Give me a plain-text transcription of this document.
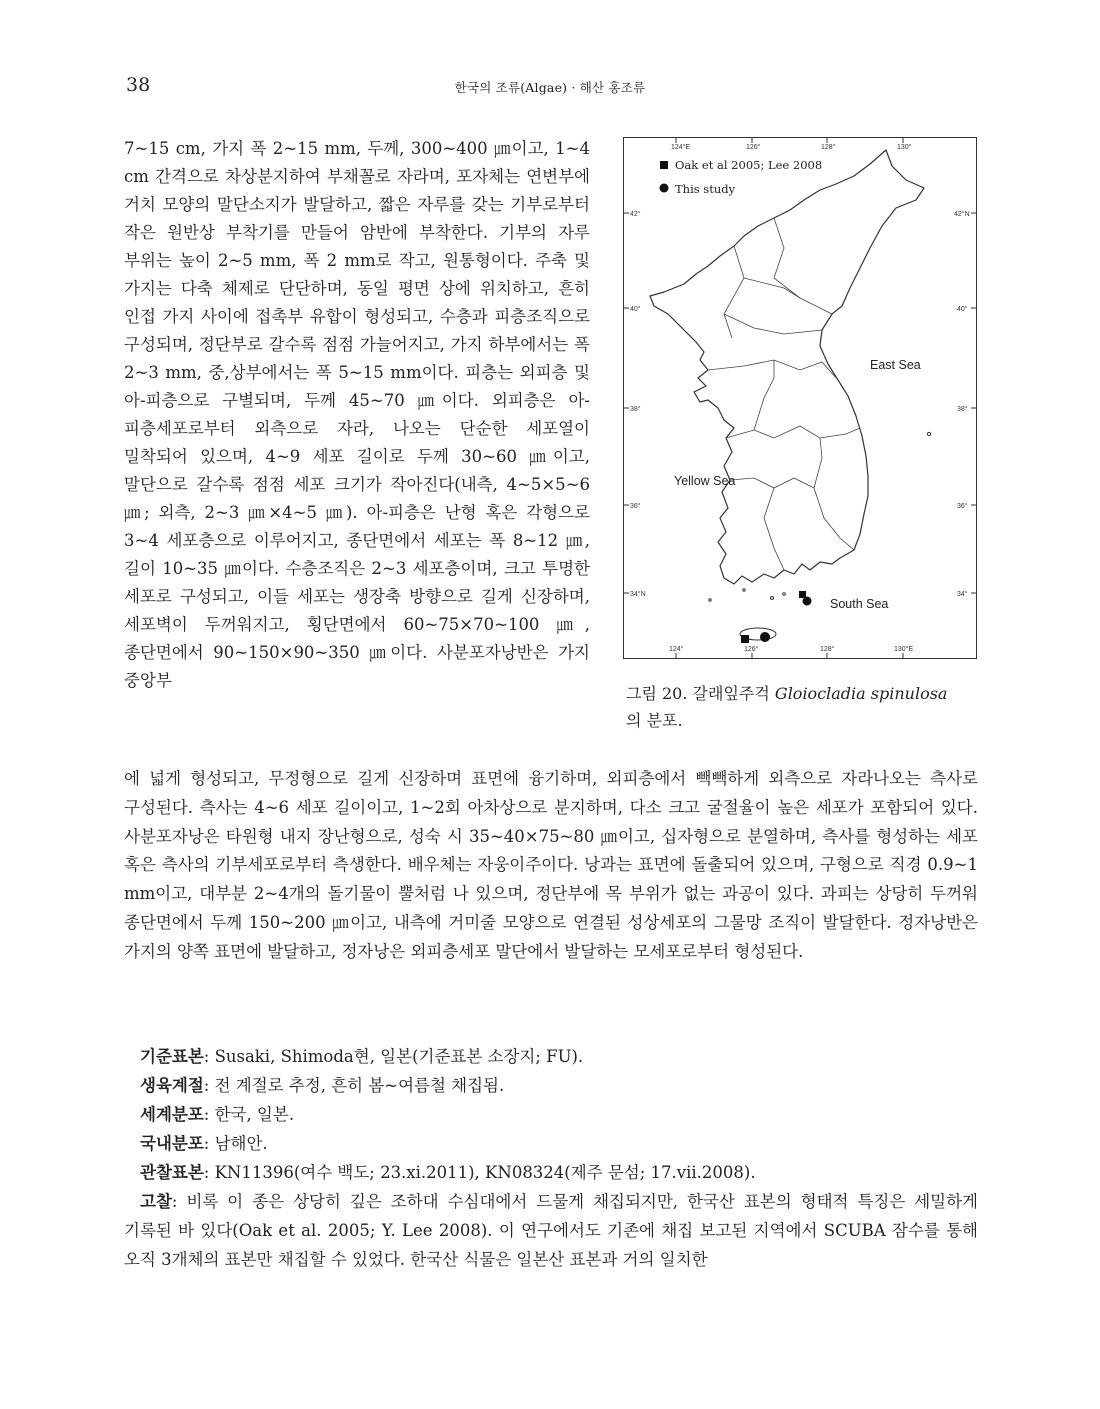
38	한국의 조류(Algae) · 해산 홍조류

7~15 cm, 가지 폭 2~15 mm, 두께, 300~400 ㎛이고, 1~4 cm 간격으로 차상분지하여 부채꼴로 자라며, 포자체는 연변부에 거치 모양의 말단소지가 발달하고, 짧은 자루를 갖는 기부로부터 작은 원반상 부착기를 만들어 암반에 부착한다. 기부의 자루 부위는 높이 2~5 mm, 폭 2 mm로 작고, 원통형이다. 주축 및 가지는 다축 체제로 단단하며, 동일 평면 상에 위치하고, 흔히 인접 가지 사이에 접촉부 유합이 형성되고, 수층과 피층조직으로 구성되며, 정단부로 갈수록 점점 가늘어지고, 가지 하부에서는 폭 2~3 mm, 중,상부에서는 폭 5~15 mm이다. 피층는 외피층 및 아-피층으로 구별되며, 두께 45~70 ㎛이다. 외피층은 아-피층세포로부터 외측으로 자라, 나오는 단순한 세포열이 밀착되어 있으며, 4~9 세포 길이로 두께 30~60 ㎛이고, 말단으로 갈수록 점점 세포 크기가 작아진다(내측, 4~5×5~6 ㎛; 외측, 2~3 ㎛×4~5 ㎛). 아-피층은 난형 혹은 각형으로 3~4 세포층으로 이루어지고, 종단면에서 세포는 폭 8~12 ㎛, 길이 10~35 ㎛이다. 수층조직은 2~3 세포층이며, 크고 투명한 세포로 구성되고, 이들 세포는 생장축 방향으로 길게 신장하며, 세포벽이 두꺼워지고, 횡단면에서 60~75×70~100 ㎛, 종단면에서 90~150×90~350 ㎛이다. 사분포자낭반은 가지 중앙부

124°E	126°	128°	130°
124°	126°	128°	130°E
42°
40°
38°
36°
34°N
42°N
40°
38°
36°
34°
Oak et al 2005; Lee 2008
This study
East Sea
Yellow Sea
South Sea
그림 20. 갈래잎주걱 Gloiocladia spinulosa
의 분포.

에 넓게 형성되고, 무정형으로 길게 신장하며 표면에 융기하며, 외피층에서 빽빽하게 외측으로 자라나오는 측사로 구성된다. 측사는 4~6 세포 길이이고, 1~2회 아차상으로 분지하며, 다소 크고 굴절율이 높은 세포가 포함되어 있다. 사분포자낭은 타원형 내지 장난형으로, 성숙 시 35~40×75~80 ㎛이고, 십자형으로 분열하며, 측사를 형성하는 세포 혹은 측사의 기부세포로부터 측생한다. 배우체는 자웅이주이다. 낭과는 표면에 돌출되어 있으며, 구형으로 직경 0.9~1 mm이고, 대부분 2~4개의 돌기물이 뿔처럼 나 있으며, 정단부에 목 부위가 없는 과공이 있다. 과피는 상당히 두꺼워 종단면에서 두께 150~200 ㎛이고, 내측에 거미줄 모양으로 연결된 성상세포의 그물망 조직이 발달한다. 정자낭반은 가지의 양쪽 표면에 발달하고, 정자낭은 외피층세포 말단에서 발달하는 모세포로부터 형성된다.

기준표본: Susaki, Shimoda현, 일본(기준표본 소장지; FU).
생육계절: 전 계절로 추정, 흔히 봄~여름철 채집됨.
세계분포: 한국, 일본.
국내분포: 남해안.
관찰표본: KN11396(여수 백도; 23.xi.2011), KN08324(제주 문섬; 17.vii.2008).
고찰: 비록 이 종은 상당히 깊은 조하대 수심대에서 드물게 채집되지만, 한국산 표본의 형태적 특징은 세밀하게 기록된 바 있다(Oak et al. 2005; Y. Lee 2008). 이 연구에서도 기존에 채집 보고된 지역에서 SCUBA 잠수를 통해 오직 3개체의 표본만 채집할 수 있었다. 한국산 식물은 일본산 표본과 거의 일치한
